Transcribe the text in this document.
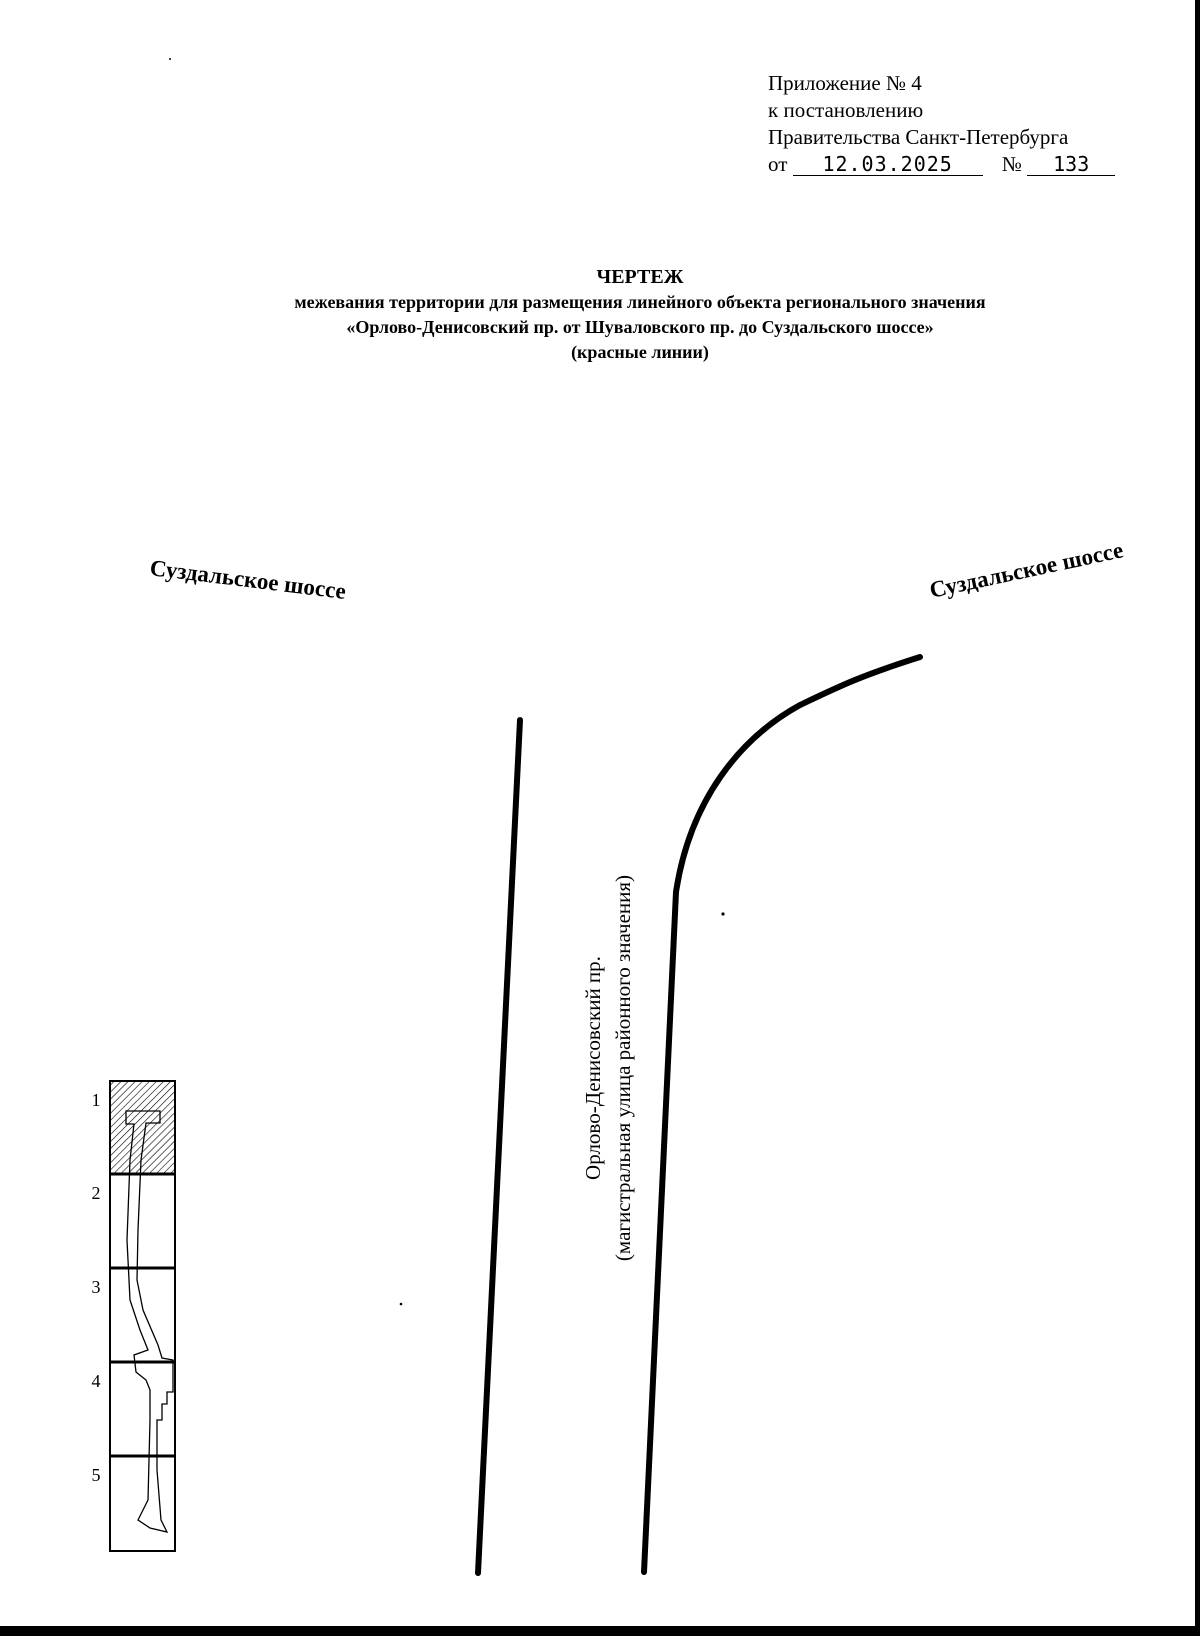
Приложение № 4
к постановлению
Правительства Санкт-Петербурга
от 12.03.2025 № 133
ЧЕРТЕЖ
межевания территории для размещения линейного объекта регионального значения
«Орлово-Денисовский пр. от Шуваловского пр. до Суздальского шоссе»
(красные линии)
Суздальское шоссе	Суздальское шоссе
Орлово-Денисовский пр. (магистральная улица районного значения)
1
2
3
4
5
